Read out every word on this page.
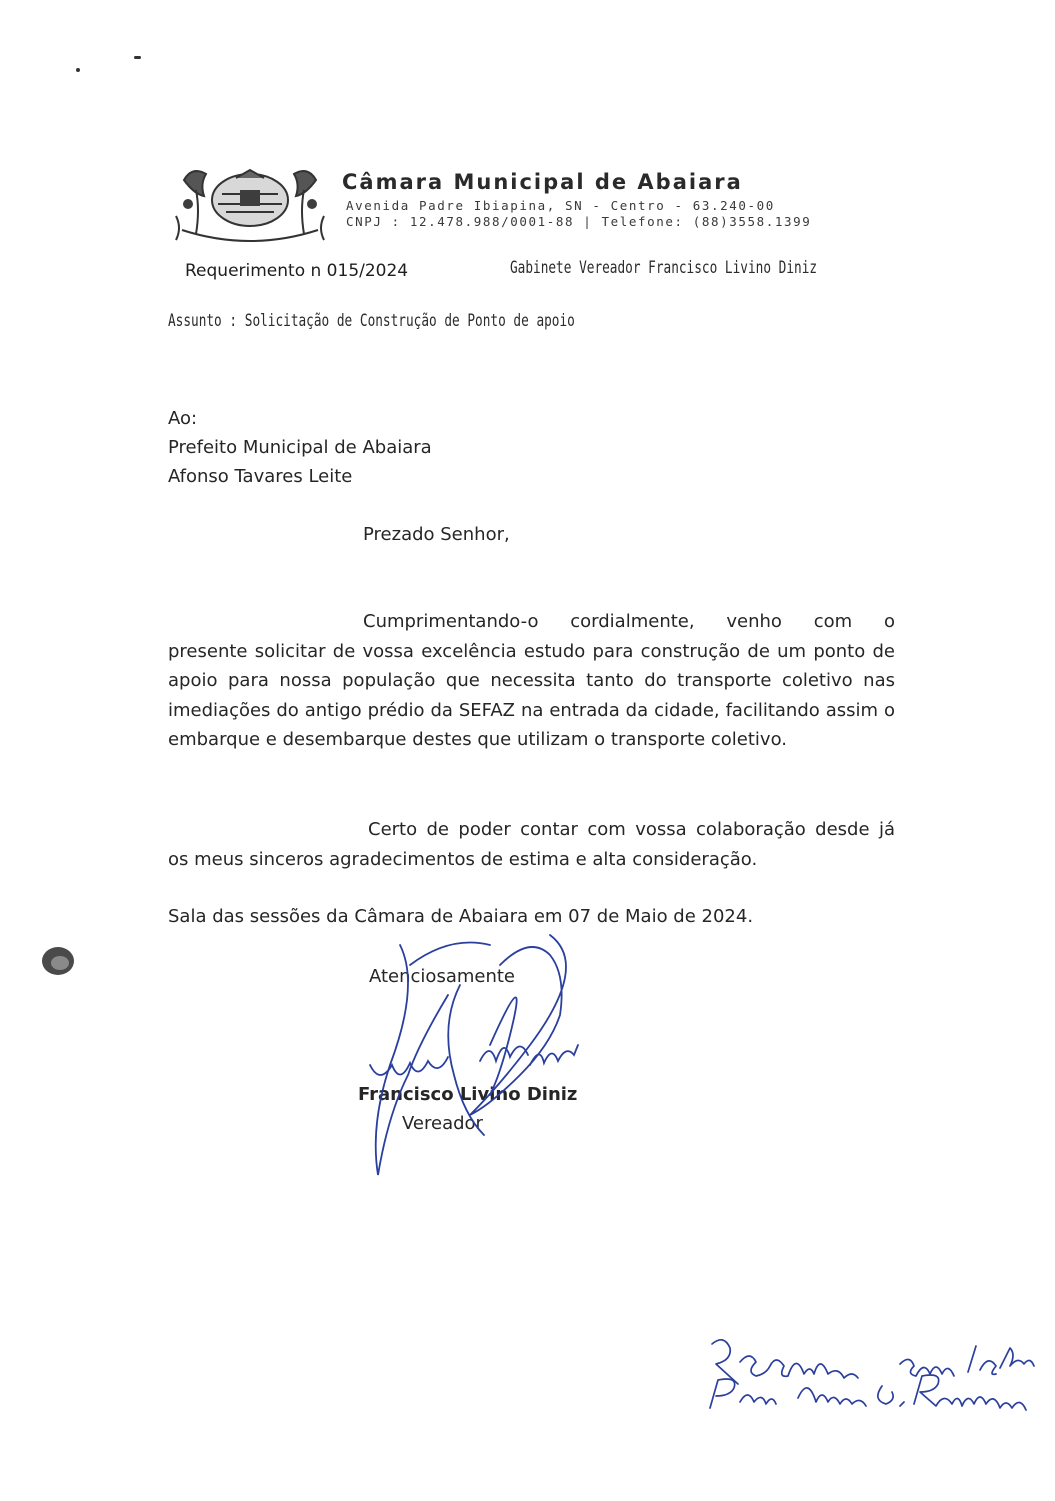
Câmara Municipal de Abaiara
Avenida Padre Ibiapina, SN - Centro - 63.240-00
CNPJ : 12.478.988/0001-88 | Telefone: (88)3558.1399
Requerimento n 015/2024	Gabinete Vereador Francisco Livino Diniz
Assunto : Solicitação de Construção de Ponto de apoio
Ao:
Prefeito Municipal de Abaiara
Afonso Tavares Leite
Prezado Senhor,

Cumprimentando-o cordialmente, venho com o

presente solicitar de vossa excelência estudo para construção de um ponto de apoio para nossa população que necessita tanto do transporte coletivo nas imediações do antigo prédio da SEFAZ na entrada da cidade, facilitando assim o embarque e desembarque destes que utilizam o transporte coletivo.

Certo de poder contar com vossa colaboração desde já

os meus sinceros agradecimentos de estima e alta consideração.

Sala das sessões da Câmara de Abaiara em 07 de Maio de 2024.
Atenciosamente
Francisco Livino Diniz
Vereador
